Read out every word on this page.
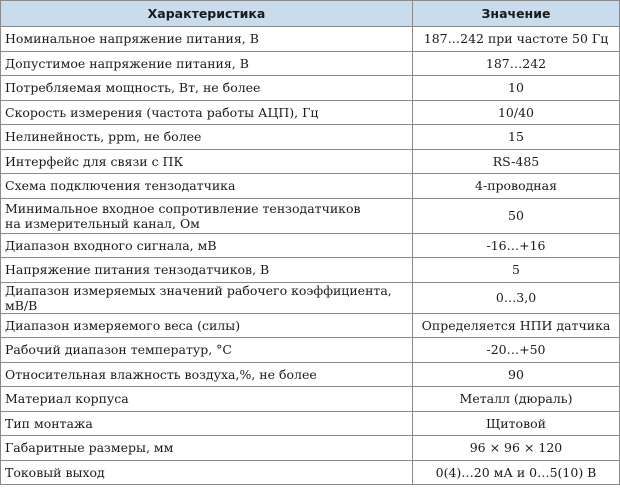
Характеристика	Значение
Номинальное напряжение питания, В	187…242 при частоте 50 Гц
Допустимое напряжение питания, В	187…242
Потребляемая мощность, Вт, не более	10
Скорость измерения (частота работы АЦП), Гц	10/40
Нелинейность, ppm, не более	15
Интерфейс для связи с ПК	RS-485
Схема подключения тензодатчика	4-проводная
Минимальное входное сопротивление тензодатчиков
на измерительный канал, Ом	50
Диапазон входного сигнала, мВ	-16…+16
Напряжение питания тензодатчиков, В	5
Диапазон измеряемых значений рабочего коэффициента, мВ/В	0…3,0
Диапазон измеряемого веса (силы)	Определяется НПИ датчика
Рабочий диапазон температур, °С	-20…+50
Относительная влажность воздуха,%, не более	90
Материал корпуса	Металл (дюраль)
Тип монтажа	Щитовой
Габаритные размеры, мм	96 × 96 × 120
Токовый выход	0(4)…20 мА и 0…5(10) В
